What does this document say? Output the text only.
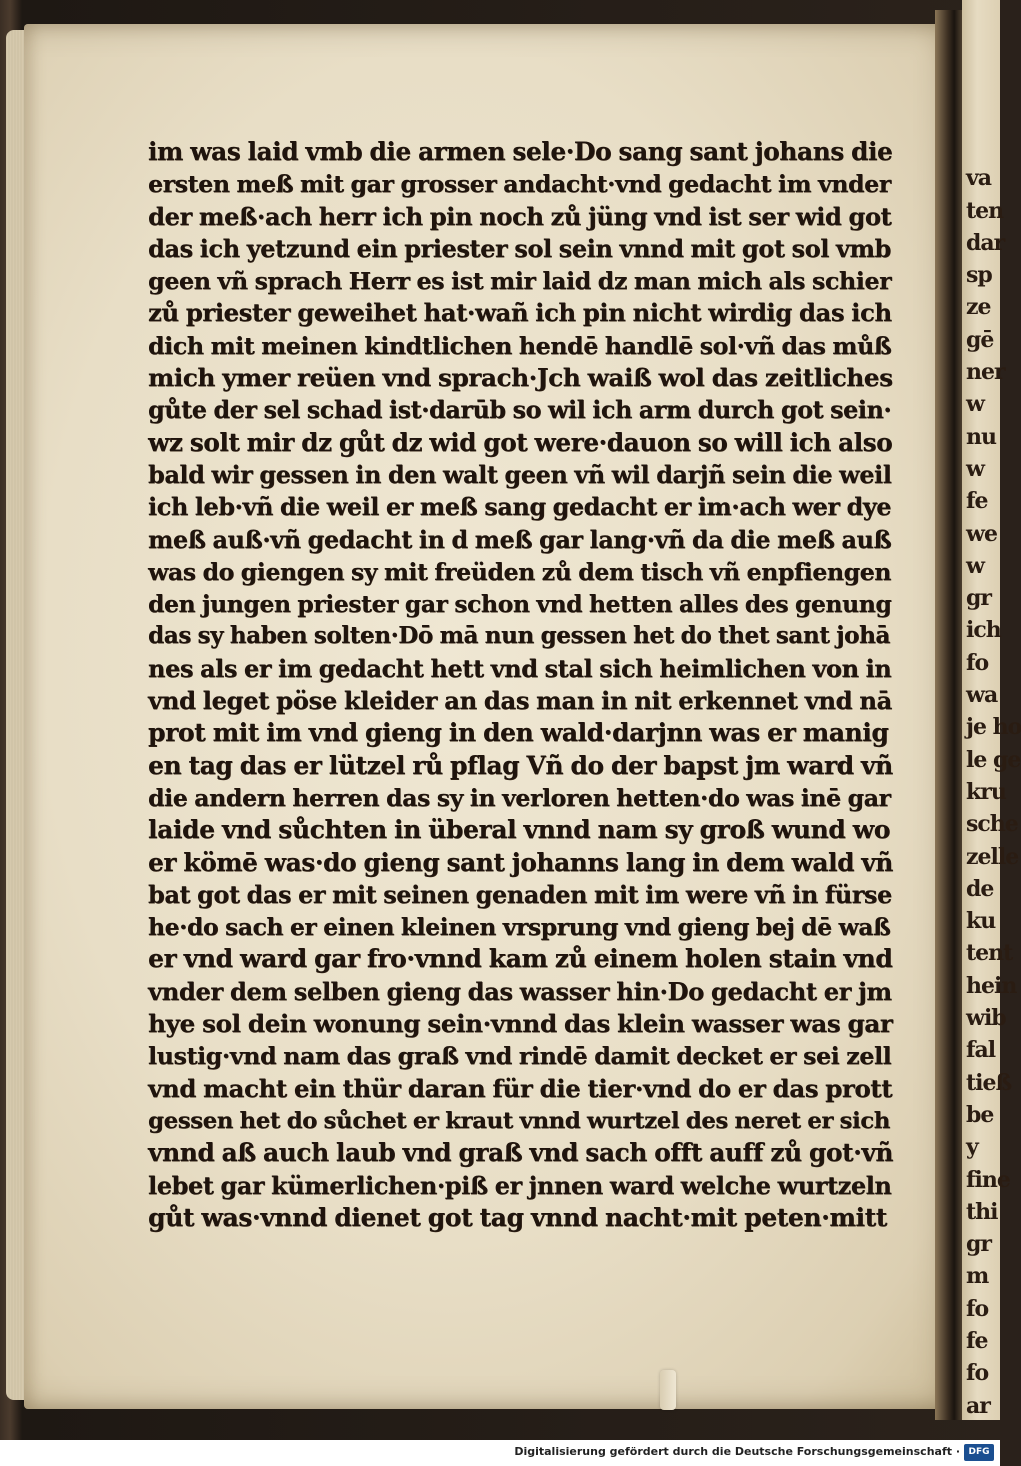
va
ten
dar
sp
ze
gē
ner
w
nu
w
fe
we
w
gr
ich
fo
wa
je ho
le ge
kru
sche
zelle
de
ku
tent
hein
wib
fal
tieß
be
y
fine
thi
gr
m
fo
fe
fo
ar
im was laid vmb die armen sele·Do sang sant johans die
ersten meß mit gar grosser andacht·vnd gedacht im vnder
der meß·ach herr ich pin noch zů jüng vnd ist ser wid got
das ich yetzund ein priester sol sein vnnd mit got sol vmb
geen vñ sprach Herr es ist mir laid dz man mich als schier
zů priester geweihet hat·wañ ich pin nicht wirdig das ich
dich mit meinen kindtlichen hendē handlē sol·vñ das můß
mich ymer reüen vnd sprach·Jch waiß wol das zeitliches
gůte der sel schad ist·darūb so wil ich arm durch got sein·
wz solt mir dz gůt dz wid got were·dauon so will ich also
bald wir gessen in den walt geen vñ wil darjñ sein die weil
ich leb·vñ die weil er meß sang gedacht er im·ach wer dye
meß auß·vñ gedacht in d meß gar lang·vñ da die meß auß
was do giengen sy mit freüden zů dem tisch vñ enpfiengen
den jungen priester gar schon vnd hetten alles des genung
das sy haben solten·Dō mā nun gessen het do thet sant johā
nes als er im gedacht hett vnd stal sich heimlichen von in
vnd leget pöse kleider an das man in nit erkennet vnd nā
prot mit im vnd gieng in den wald·darjnn was er manig
en tag das er lützel rů pflag Vñ do der bapst jm ward vñ
die andern herren das sy in verloren hetten·do was inē gar
laide vnd sůchten in überal vnnd nam sy groß wund wo
er kömē was·do gieng sant johanns lang in dem wald vñ
bat got das er mit seinen genaden mit im were vñ in fürse
he·do sach er einen kleinen vrsprung vnd gieng bej dē waß
er vnd ward gar fro·vnnd kam zů einem holen stain vnd
vnder dem selben gieng das wasser hin·Do gedacht er jm
hye sol dein wonung sein·vnnd das klein wasser was gar
lustig·vnd nam das graß vnd rindē damit decket er sei zell
vnd macht ein thür daran für die tier·vnd do er das prott
gessen het do sůchet er kraut vnnd wurtzel des neret er sich
vnnd aß auch laub vnd graß vnd sach offt auff zů got·vñ
lebet gar kümerlichen·piß er jnnen ward welche wurtzeln
gůt was·vnnd dienet got tag vnnd nacht·mit peten·mitt
Digitalisierung gefördert durch die Deutsche Forschungsgemeinschaft · DFG
